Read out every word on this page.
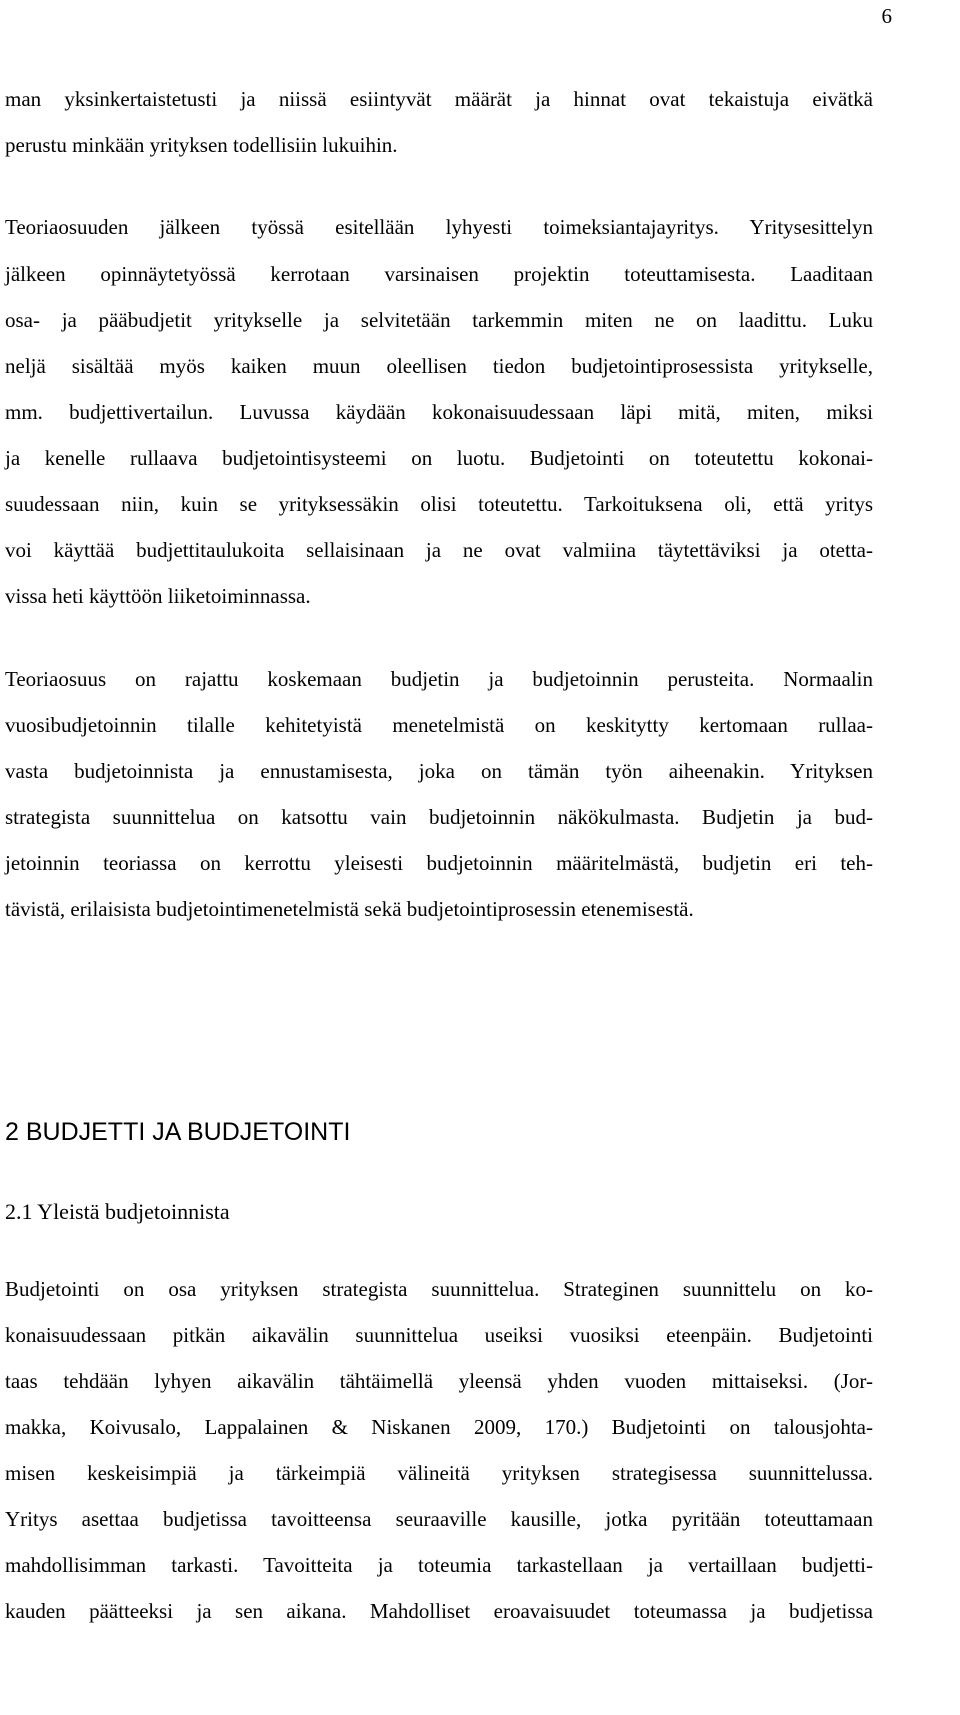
6
man yksinkertaistetusti ja niissä esiintyvät määrät ja hinnat ovat tekaistuja eivätkä
perustu minkään yrityksen todellisiin lukuihin.
Teoriaosuuden jälkeen työssä esitellään lyhyesti toimeksiantajayritys. Yritysesittelyn
jälkeen opinnäytetyössä kerrotaan varsinaisen projektin toteuttamisesta. Laaditaan
osa- ja pääbudjetit yritykselle ja selvitetään tarkemmin miten ne on laadittu. Luku
neljä sisältää myös kaiken muun oleellisen tiedon budjetointiprosessista yritykselle,
mm. budjettivertailun. Luvussa käydään kokonaisuudessaan läpi mitä, miten, miksi
ja kenelle rullaava budjetointisysteemi on luotu. Budjetointi on toteutettu kokonai-
suudessaan niin, kuin se yrityksessäkin olisi toteutettu. Tarkoituksena oli, että yritys
voi käyttää budjettitaulukoita sellaisinaan ja ne ovat valmiina täytettäviksi ja otetta-
vissa heti käyttöön liiketoiminnassa.
Teoriaosuus on rajattu koskemaan budjetin ja budjetoinnin perusteita. Normaalin
vuosibudjetoinnin tilalle kehitetyistä menetelmistä on keskitytty kertomaan rullaa-
vasta budjetoinnista ja ennustamisesta, joka on tämän työn aiheenakin. Yrityksen
strategista suunnittelua on katsottu vain budjetoinnin näkökulmasta. Budjetin ja bud-
jetoinnin teoriassa on kerrottu yleisesti budjetoinnin määritelmästä, budjetin eri teh-
tävistä, erilaisista budjetointimenetelmistä sekä budjetointiprosessin etenemisestä.
2 BUDJETTI JA BUDJETOINTI
2.1 Yleistä budjetoinnista
Budjetointi on osa yrityksen strategista suunnittelua. Strateginen suunnittelu on ko-
konaisuudessaan pitkän aikavälin suunnittelua useiksi vuosiksi eteenpäin. Budjetointi
taas tehdään lyhyen aikavälin tähtäimellä yleensä yhden vuoden mittaiseksi. (Jor-
makka, Koivusalo, Lappalainen & Niskanen 2009, 170.) Budjetointi on talousjohta-
misen keskeisimpiä ja tärkeimpiä välineitä yrityksen strategisessa suunnittelussa.
Yritys asettaa budjetissa tavoitteensa seuraaville kausille, jotka pyritään toteuttamaan
mahdollisimman tarkasti. Tavoitteita ja toteumia tarkastellaan ja vertaillaan budjetti-
kauden päätteeksi ja sen aikana. Mahdolliset eroavaisuudet toteumassa ja budjetissa
